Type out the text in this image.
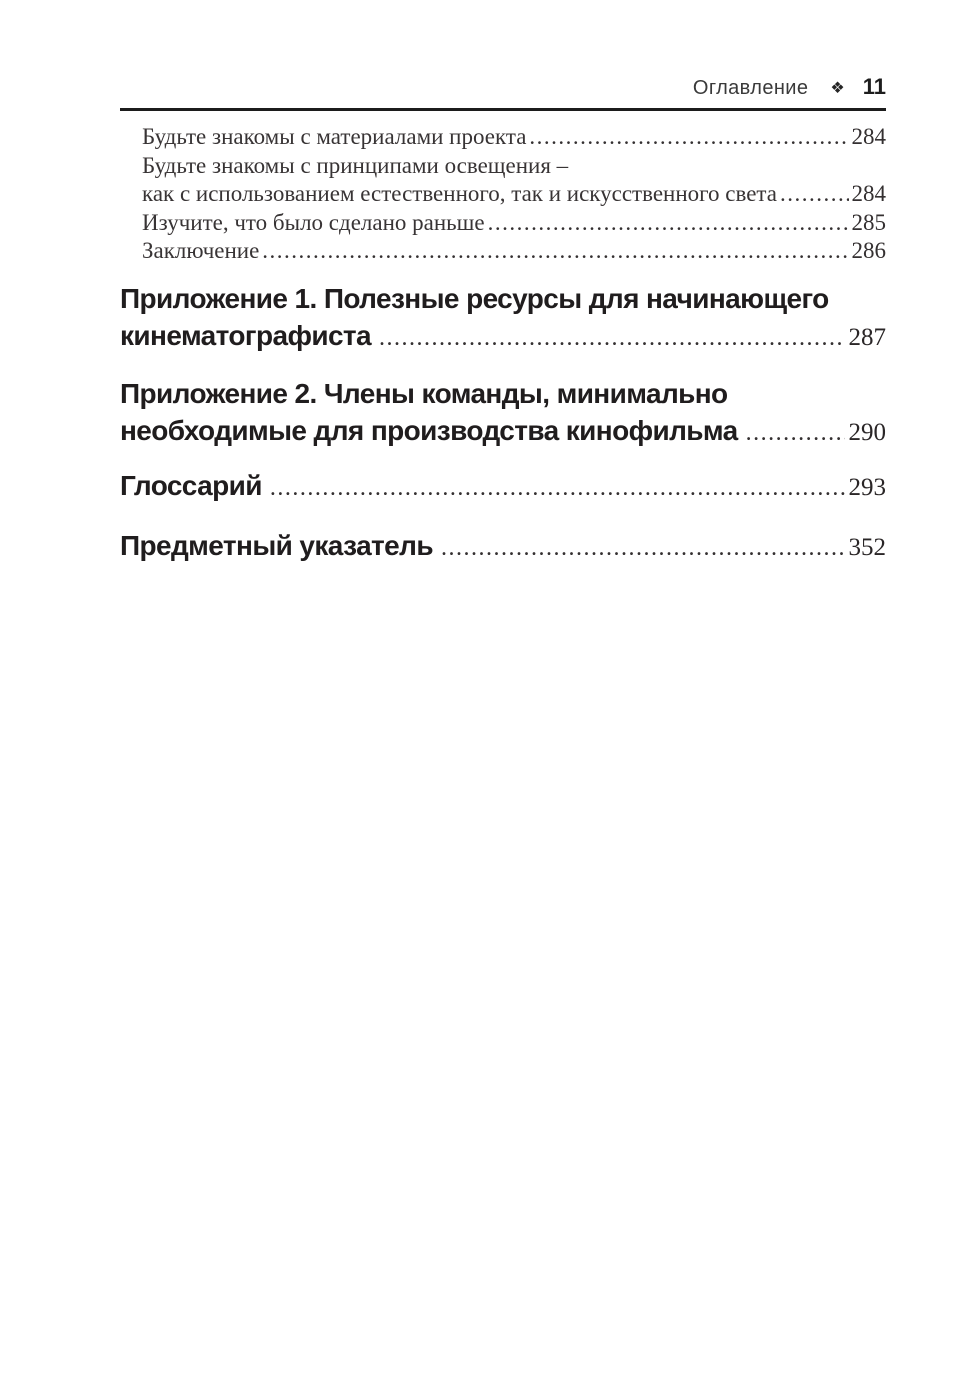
Оглавление ❖ 11
Будьте знакомы с материалами проекта .....	284
Будьте знакомы с принципами освещения –
как с использованием естественного, так и искусственного света .....	284
Изучите, что было сделано раньше .....	285
Заключение .....	286
Приложение 1. Полезные ресурсы для начинающего
кинематографиста .....	287
Приложение 2. Члены команды, минимально
необходимые для производства кинофильма .....	290
Глоссарий .....	293
Предметный указатель .....	352
